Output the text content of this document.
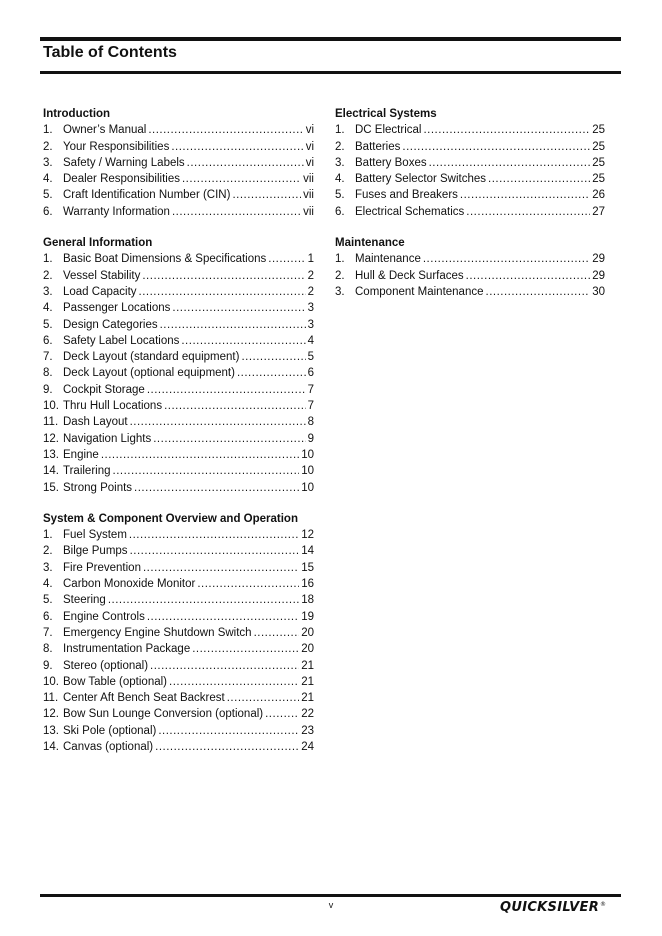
Table of Contents
Introduction
1. Owner’s Manual .....	vi
2. Your Responsibilities .....	vi
3. Safety / Warning Labels .....	vi
4. Dealer Responsibilities .....	vii
5. Craft Identification Number (CIN) .....	vii
6. Warranty Information .....	vii
General Information
1. Basic Boat Dimensions & Specifications .....	1
2. Vessel Stability .....	2
3. Load Capacity .....	2
4. Passenger Locations .....	3
5. Design Categories .....	3
6. Safety Label Locations .....	4
7. Deck Layout (standard equipment) .....	5
8. Deck Layout (optional equipment) .....	6
9. Cockpit Storage .....	7
10. Thru Hull Locations .....	7
11. Dash Layout .....	8
12. Navigation Lights .....	9
13. Engine .....	10
14. Trailering .....	10
15. Strong Points .....	10
System & Component Overview and Operation
1. Fuel System .....	12
2. Bilge Pumps .....	14
3. Fire Prevention .....	15
4. Carbon Monoxide Monitor .....	16
5. Steering .....	18
6. Engine Controls .....	19
7. Emergency Engine Shutdown Switch .....	20
8. Instrumentation Package .....	20
9. Stereo (optional) .....	21
10. Bow Table (optional) .....	21
11. Center Aft Bench Seat Backrest .....	21
12. Bow Sun Lounge Conversion (optional) .....	22
13. Ski Pole (optional) .....	23
14. Canvas (optional) .....	24
Electrical Systems
1. DC Electrical .....	25
2. Batteries .....	25
3. Battery Boxes .....	25
4. Battery Selector Switches .....	25
5. Fuses and Breakers .....	26
6. Electrical Schematics .....	27
Maintenance
1. Maintenance .....	29
2. Hull & Deck Surfaces .....	29
3. Component Maintenance .....	30
v	QUICKSILVER®
